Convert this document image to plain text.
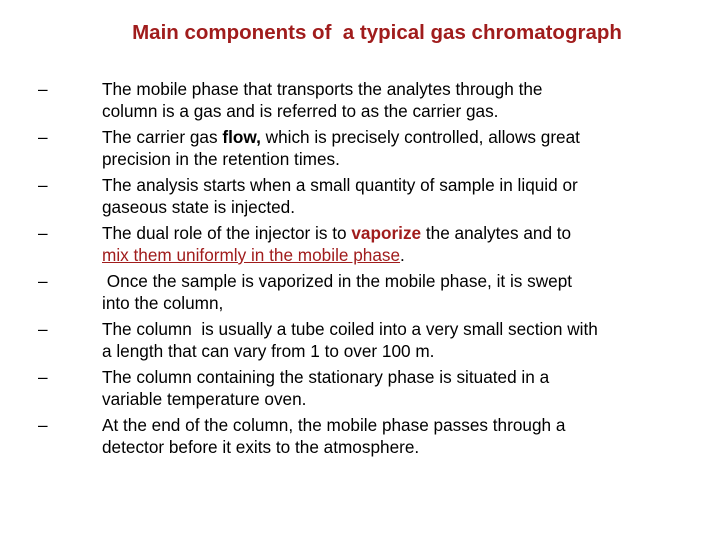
Main components of  a typical gas chromatograph
–	The mobile phase that transports the analytes through the
column is a gas and is referred to as the carrier gas.
–	The carrier gas flow, which is precisely controlled, allows great
precision in the retention times.
–	The analysis starts when a small quantity of sample in liquid or
gaseous state is injected.
–	The dual role of the injector is to vaporize the analytes and to
mix them uniformly in the mobile phase.
–	Once the sample is vaporized in the mobile phase, it is swept
into the column,
–	The column  is usually a tube coiled into a very small section with
a length that can vary from 1 to over 100 m.
–	The column containing the stationary phase is situated in a
variable temperature oven.
–	At the end of the column, the mobile phase passes through a
detector before it exits to the atmosphere.
